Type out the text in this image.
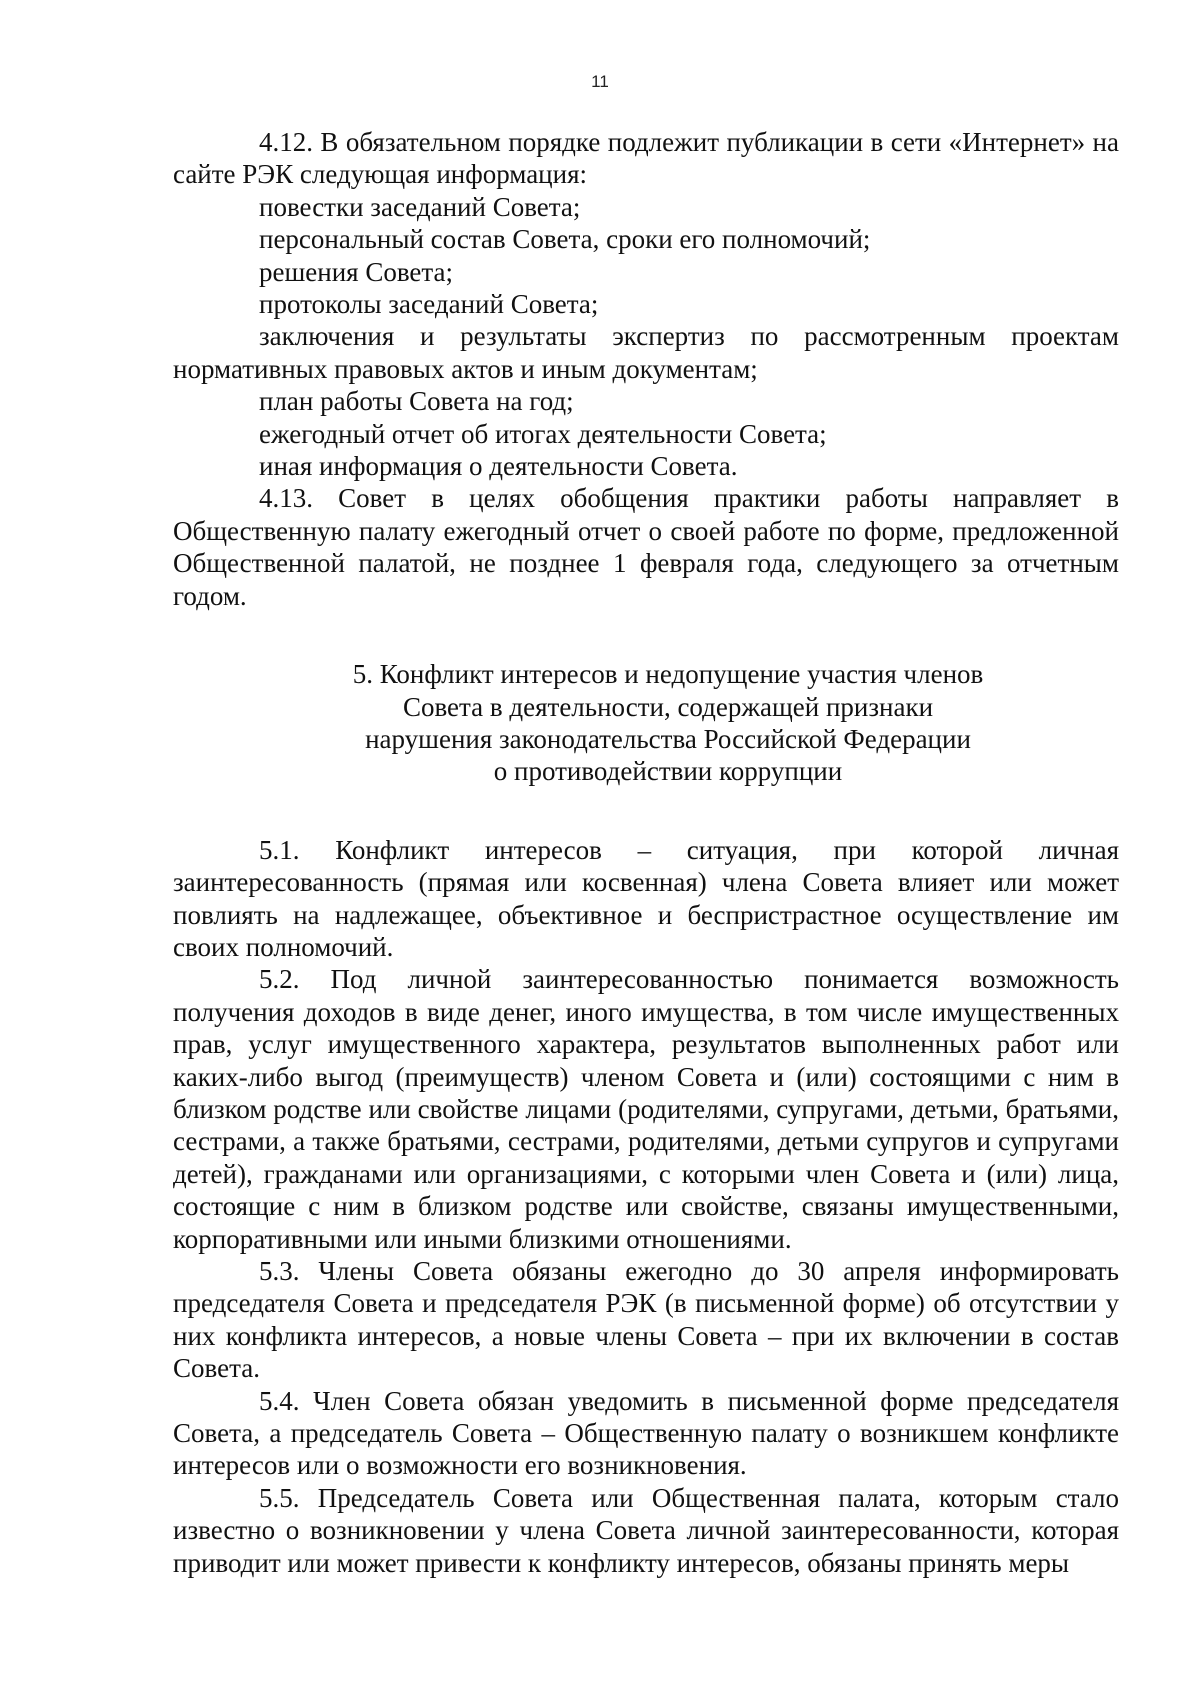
11

4.12. В обязательном порядке подлежит публикации в сети «Интернет» на сайте РЭК следующая информация:

повестки заседаний Совета;

персональный состав Совета, сроки его полномочий;

решения Совета;

протоколы заседаний Совета;

заключения и результаты экспертиз по рассмотренным проектам нормативных правовых актов и иным документам;

план работы Совета на год;

ежегодный отчет об итогах деятельности Совета;

иная информация о деятельности Совета.

4.13. Совет в целях обобщения практики работы направляет в Общественную палату ежегодный отчет о своей работе по форме, предложенной Общественной палатой, не позднее 1 февраля года, следующего за отчетным годом.

5. Конфликт интересов и недопущение участия членов
Совета в деятельности, содержащей признаки
нарушения законодательства Российской Федерации
о противодействии коррупции

5.1. Конфликт интересов – ситуация, при которой личная заинтересованность (прямая или косвенная) члена Совета влияет или может повлиять на надлежащее, объективное и беспристрастное осуществление им своих полномочий.

5.2. Под личной заинтересованностью понимается возможность получения доходов в виде денег, иного имущества, в том числе имущественных прав, услуг имущественного характера, результатов выполненных работ или каких-либо выгод (преимуществ) членом Совета и (или) состоящими с ним в близком родстве или свойстве лицами (родителями, супругами, детьми, братьями, сестрами, а также братьями, сестрами, родителями, детьми супругов и супругами детей), гражданами или организациями, с которыми член Совета и (или) лица, состоящие с ним в близком родстве или свойстве, связаны имущественными, корпоративными или иными близкими отношениями.

5.3. Члены Совета обязаны ежегодно до 30 апреля информировать председателя Совета и председателя РЭК (в письменной форме) об отсутствии у них конфликта интересов, а новые члены Совета – при их включении в состав Совета.

5.4. Член Совета обязан уведомить в письменной форме председателя Совета, а председатель Совета – Общественную палату о возникшем конфликте интересов или о возможности его возникновения.

5.5. Председатель Совета или Общественная палата, которым стало известно о возникновении у члена Совета личной заинтересованности, которая приводит или может привести к конфликту интересов, обязаны принять меры
